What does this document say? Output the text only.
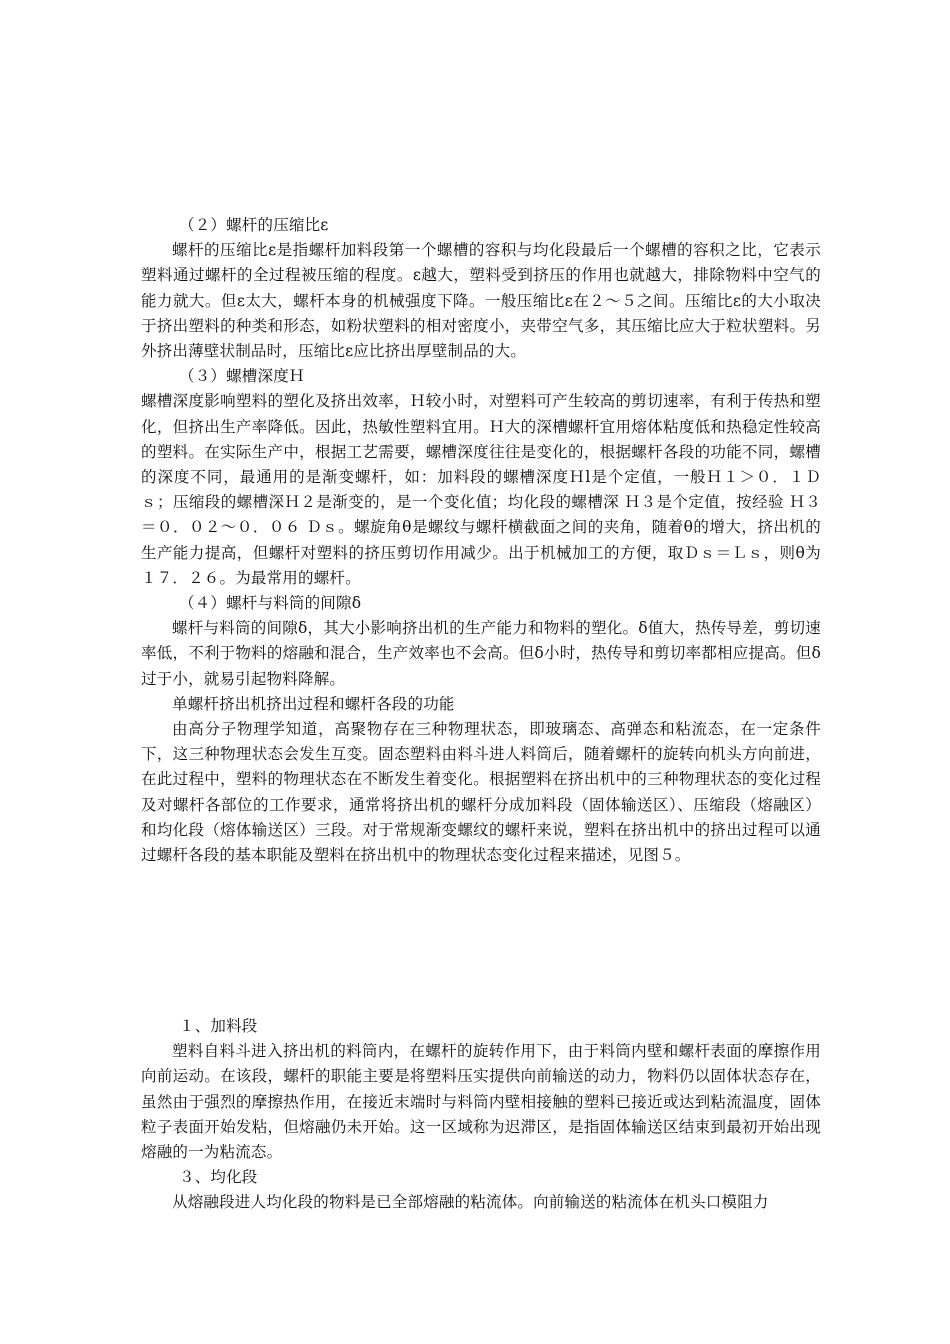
（２）螺杆的压缩比ε

螺杆的压缩比ε是指螺杆加料段第一个螺槽的容积与均化段最后一个螺槽的容积之比，它表示塑料通过螺杆的全过程被压缩的程度。ε越大，塑料受到挤压的作用也就越大，排除物料中空气的能力就大。但ε太大，螺杆本身的机械强度下降。一般压缩比ε在２～５之间。压缩比ε的大小取决于挤出塑料的种类和形态，如粉状塑料的相对密度小，夹带空气多，其压缩比应大于粒状塑料。另外挤出薄壁状制品时，压缩比ε应比挤出厚壁制品的大。

（３）螺槽深度Ｈ

螺槽深度影响塑料的塑化及挤出效率，Ｈ较小时，对塑料可产生较高的剪切速率，有利于传热和塑化，但挤出生产率降低。因此，热敏性塑料宜用。Ｈ大的深槽螺杆宜用熔体粘度低和热稳定性较高的塑料。在实际生产中，根据工艺需要，螺槽深度往往是变化的，根据螺杆各段的功能不同，螺槽的深度不同，最通用的是渐变螺杆，如：加料段的螺槽深度Ｈl是个定值，一般Ｈ１＞０．１Ｄｓ；压缩段的螺槽深Ｈ２是渐变的，是一个变化值；均化段的螺槽深 Ｈ３是个定值，按经验 Ｈ３＝０．０２～０．０６ Ｄｓ。螺旋角θ是螺纹与螺杆横截面之间的夹角，随着θ的增大，挤出机的生产能力提高，但螺杆对塑料的挤压剪切作用减少。出于机械加工的方便，取Ｄｓ＝Ｌｓ，则θ为１７．２６。为最常用的螺杆。

（４）螺杆与料筒的间隙δ

螺杆与料筒的间隙δ，其大小影响挤出机的生产能力和物料的塑化。δ值大，热传导差，剪切速率低，不利于物料的熔融和混合，生产效率也不会高。但δ小时，热传导和剪切率都相应提高。但δ过于小，就易引起物料降解。

单螺杆挤出机挤出过程和螺杆各段的功能

由高分子物理学知道，高聚物存在三种物理状态，即玻璃态、高弹态和粘流态，在一定条件下，这三种物理状态会发生互变。固态塑料由料斗进人料筒后，随着螺杆的旋转向机头方向前进，在此过程中，塑料的物理状态在不断发生着变化。根据塑料在挤出机中的三种物理状态的变化过程及对螺杆各部位的工作要求，通常将挤出机的螺杆分成加料段（固体输送区）、压缩段（熔融区）和均化段（熔体输送区）三段。对于常规渐变螺纹的螺杆来说，塑料在挤出机中的挤出过程可以通过螺杆各段的基本职能及塑料在挤出机中的物理状态变化过程来描述，见图５。

１、加料段

塑料自料斗进入挤出机的料筒内，在螺杆的旋转作用下，由于料筒内壁和螺杆表面的摩擦作用向前运动。在该段，螺杆的职能主要是将塑料压实提供向前输送的动力，物料仍以固体状态存在，虽然由于强烈的摩擦热作用，在接近末端时与料筒内壁相接触的塑料已接近或达到粘流温度，固体粒子表面开始发粘，但熔融仍未开始。这一区域称为迟滞区，是指固体输送区结束到最初开始出现熔融的一为粘流态。

３、均化段

从熔融段进人均化段的物料是已全部熔融的粘流体。向前输送的粘流体在机头口模阻力
